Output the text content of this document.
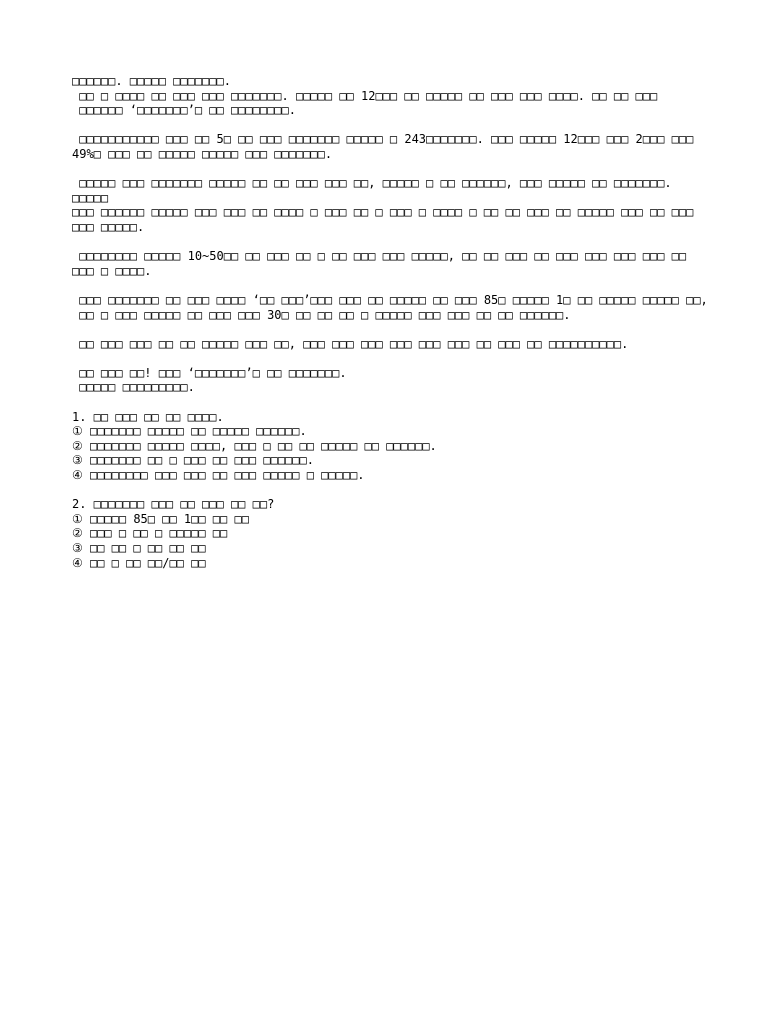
□□□□□□. □□□□□ □□□□□□□.

□□ □ □□□□ □□ □□□ □□□ □□□□□□□. □□□□□ □□ 12□□□ □□ □□□□□ □□ □□□ □□□ □□□□. □□ □□ □□□

□□□□□□ ‘□□□□□□□’□ □□ □□□□□□□□.

□□□□□□□□□□□ □□□ □□ 5□ □□ □□□ □□□□□□□ □□□□□ □ 243□□□□□□□. □□□ □□□□□ 12□□□ □□□ 2□□□ □□□

49%□ □□□ □□ □□□□□ □□□□□ □□□ □□□□□□□.

□□□□□ □□□ □□□□□□□ □□□□□ □□ □□ □□□ □□□ □□, □□□□□ □ □□ □□□□□□, □□□ □□□□□ □□ □□□□□□□. □□□□□

□□□ □□□□□□ □□□□□ □□□ □□□ □□ □□□□ □ □□□ □□ □ □□□ □ □□□□ □ □□ □□ □□□ □□ □□□□□ □□□ □□ □□□

□□□ □□□□□.

□□□□□□□□ □□□□□ 10~50□□ □□ □□□ □□ □ □□ □□□ □□□ □□□□□, □□ □□ □□□ □□ □□□ □□□ □□□ □□□ □□

□□□ □ □□□□.

□□□ □□□□□□□ □□ □□□ □□□□ ‘□□ □□□’□□□ □□□ □□ □□□□□ □□ □□□ 85□ □□□□□ 1□ □□ □□□□□ □□□□□ □□,

□□ □ □□□ □□□□□ □□ □□□ □□□ 30□ □□ □□ □□ □ □□□□□ □□□ □□□ □□ □□ □□□□□□.

□□ □□□ □□□ □□ □□ □□□□□ □□□ □□, □□□ □□□ □□□ □□□ □□□ □□□ □□ □□□ □□ □□□□□□□□□□.

□□ □□□ □□! □□□ ‘□□□□□□□’□ □□ □□□□□□□.

□□□□□ □□□□□□□□□.

1. □□ □□□ □□ □□ □□□□.

① □□□□□□□ □□□□□ □□ □□□□□ □□□□□□.

② □□□□□□□ □□□□□ □□□□, □□□ □ □□ □□ □□□□□ □□ □□□□□□.

③ □□□□□□□ □□ □ □□□ □□ □□□ □□□□□□.

④ □□□□□□□□ □□□ □□□ □□ □□□ □□□□□ □ □□□□□.

2. □□□□□□□ □□□ □□ □□□ □□ □□?

① □□□□□ 85□ □□ 1□□ □□ □□

② □□□ □ □□ □ □□□□□ □□

③ □□ □□ □ □□ □□ □□

④ □□ □ □□ □□/□□ □□
